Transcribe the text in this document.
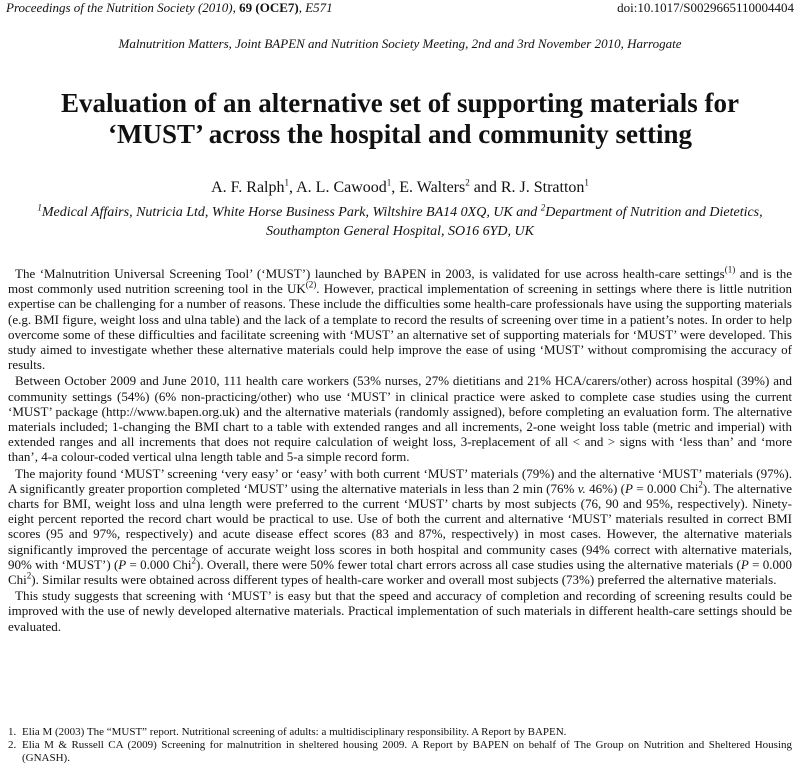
Proceedings of the Nutrition Society (2010), 69 (OCE7), E571	doi:10.1017/S0029665110004404
Malnutrition Matters, Joint BAPEN and Nutrition Society Meeting, 2nd and 3rd November 2010, Harrogate
Evaluation of an alternative set of supporting materials for ‘MUST’ across the hospital and community setting
A. F. Ralph$^1$, A. L. Cawood$^1$, E. Walters$^2$ and R. J. Stratton$^1$
$^1$Medical Affairs, Nutricia Ltd, White Horse Business Park, Wiltshire BA14 0XQ, UK and $^2$Department of Nutrition and Dietetics, Southampton General Hospital, SO16 6YD, UK

The ‘Malnutrition Universal Screening Tool’ (‘MUST’) launched by BAPEN in 2003, is validated for use across health-care settings$^{(1)}$ and is the most commonly used nutrition screening tool in the UK$^{(2)}$. However, practical implementation of screening in settings where there is little nutrition expertise can be challenging for a number of reasons. These include the difficulties some health-care professionals have using the supporting materials (e.g. BMI figure, weight loss and ulna table) and the lack of a template to record the results of screening over time in a patient’s notes. In order to help overcome some of these difficulties and facilitate screening with ‘MUST’ an alternative set of supporting materials for ‘MUST’ were developed. This study aimed to investigate whether these alternative materials could help improve the ease of using ‘MUST’ without compromising the accuracy of results.

Between October 2009 and June 2010, 111 health care workers (53% nurses, 27% dietitians and 21% HCA/carers/other) across hospital (39%) and community settings (54%) (6% non-practicing/other) who use ‘MUST’ in clinical practice were asked to complete case studies using the current ‘MUST’ package (http://www.bapen.org.uk) and the alternative materials (randomly assigned), before completing an evaluation form. The alternative materials included; 1-changing the BMI chart to a table with extended ranges and all increments, 2-one weight loss table (metric and imperial) with extended ranges and all increments that does not require calculation of weight loss, 3-replacement of all < and > signs with ‘less than’ and ‘more than’, 4-a colour-coded vertical ulna length table and 5-a simple record form.

The majority found ‘MUST’ screening ‘very easy’ or ‘easy’ with both current ‘MUST’ materials (79%) and the alternative ‘MUST’ materials (97%). A significantly greater proportion completed ‘MUST’ using the alternative materials in less than 2 min (76% v. 46%) (P = 0.000 Chi$^2$). The alternative charts for BMI, weight loss and ulna length were preferred to the current ‘MUST’ charts by most subjects (76, 90 and 95%, respectively). Ninety-eight percent reported the record chart would be practical to use. Use of both the current and alternative ‘MUST’ materials resulted in correct BMI scores (95 and 97%, respectively) and acute disease effect scores (83 and 87%, respectively) in most cases. However, the alternative materials significantly improved the percentage of accurate weight loss scores in both hospital and community cases (94% correct with alternative materials, 90% with ‘MUST’) (P = 0.000 Chi$^2$). Overall, there were 50% fewer total chart errors across all case studies using the alternative materials (P = 0.000 Chi$^2$). Similar results were obtained across different types of health-care worker and overall most subjects (73%) preferred the alternative materials.

This study suggests that screening with ‘MUST’ is easy but that the speed and accuracy of completion and recording of screening results could be improved with the use of newly developed alternative materials. Practical implementation of such materials in different health-care settings should be evaluated.

1. Elia M (2003) The “MUST” report. Nutritional screening of adults: a multidisciplinary responsibility. A Report by BAPEN.
2. Elia M & Russell CA (2009) Screening for malnutrition in sheltered housing 2009. A Report by BAPEN on behalf of The Group on Nutrition and Sheltered Housing (GNASH).
